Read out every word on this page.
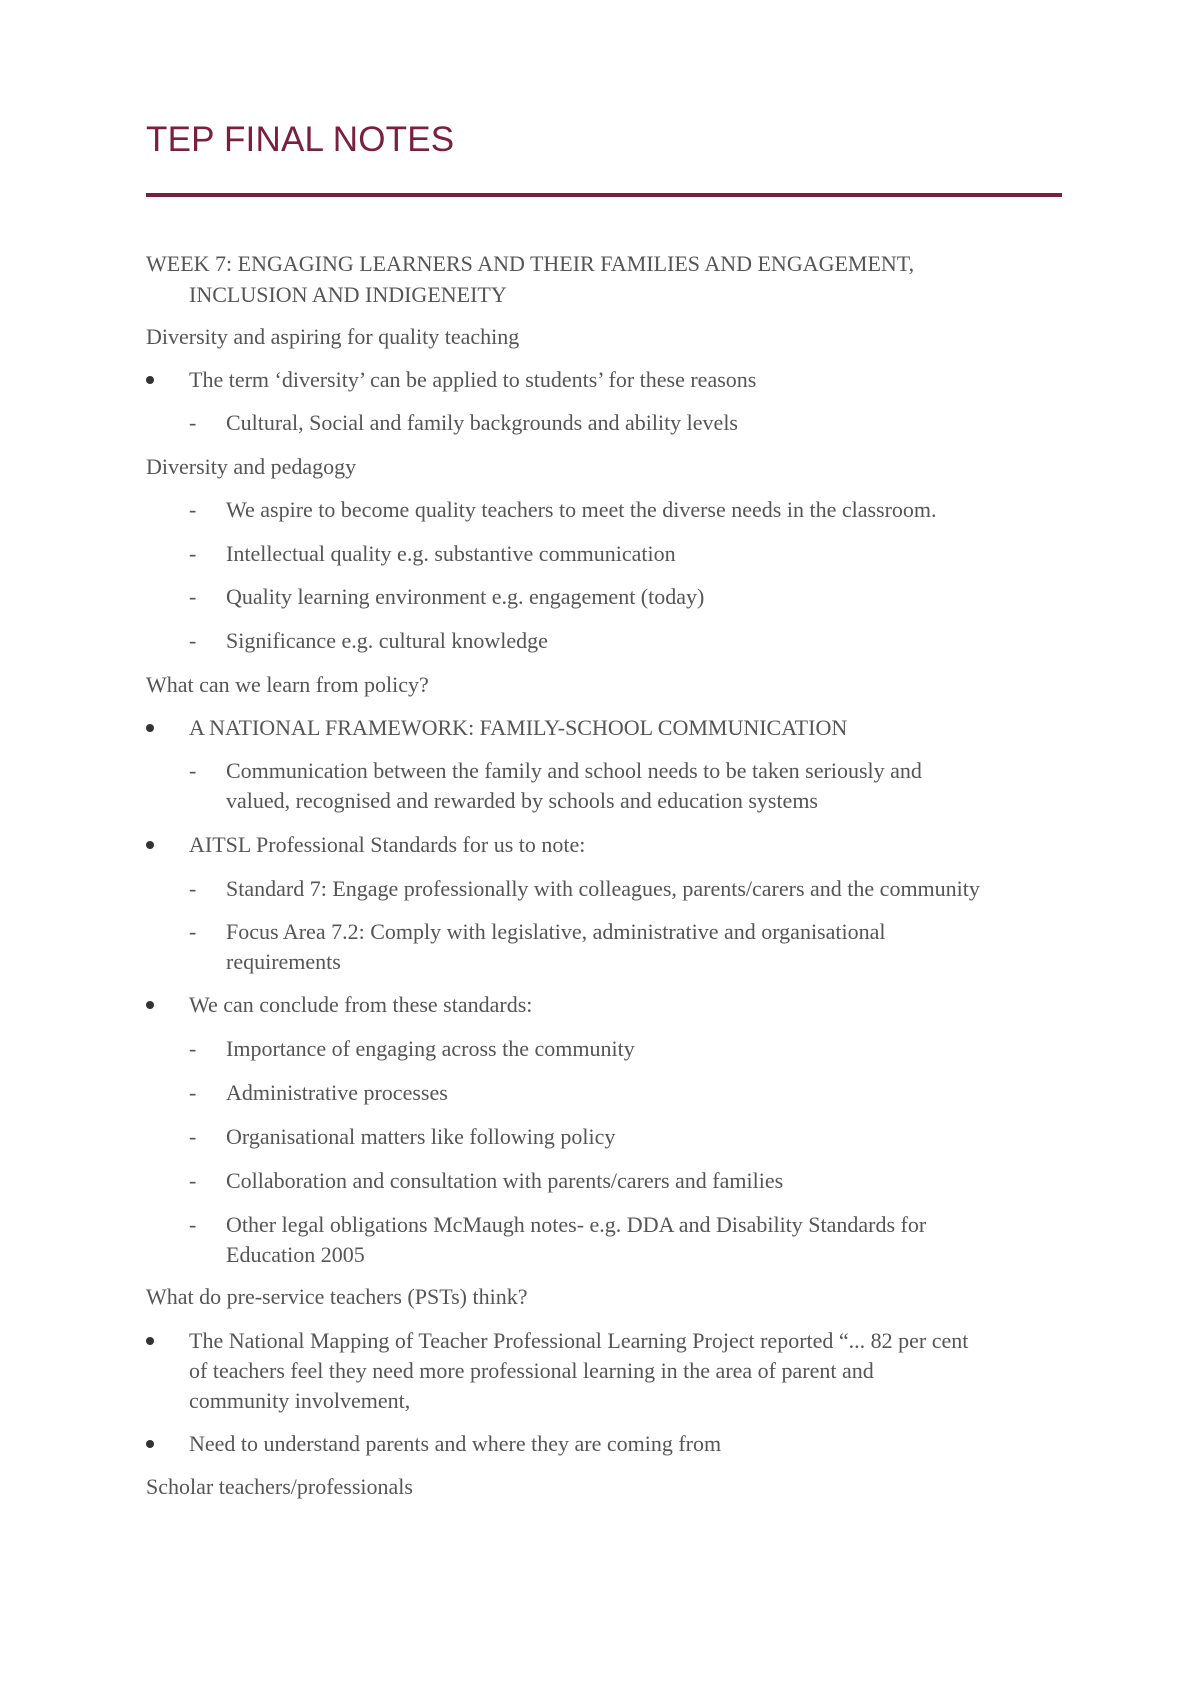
TEP FINAL NOTES
WEEK 7: ENGAGING LEARNERS AND THEIR FAMILIES AND ENGAGEMENT,
INCLUSION AND INDIGENEITY
Diversity and aspiring for quality teaching
The term ‘diversity’ can be applied to students’ for these reasons
- Cultural, Social and family backgrounds and ability levels
Diversity and pedagogy
- We aspire to become quality teachers to meet the diverse needs in the classroom.
- Intellectual quality e.g. substantive communication
- Quality learning environment e.g. engagement (today)
- Significance e.g. cultural knowledge
What can we learn from policy?
A NATIONAL FRAMEWORK: FAMILY-SCHOOL COMMUNICATION
- Communication between the family and school needs to be taken seriously and
valued, recognised and rewarded by schools and education systems
AITSL Professional Standards for us to note:
- Standard 7: Engage professionally with colleagues, parents/carers and the community
- Focus Area 7.2: Comply with legislative, administrative and organisational
requirements
We can conclude from these standards:
- Importance of engaging across the community
- Administrative processes
- Organisational matters like following policy
- Collaboration and consultation with parents/carers and families
- Other legal obligations McMaugh notes- e.g. DDA and Disability Standards for
Education 2005
What do pre-service teachers (PSTs) think?
The National Mapping of Teacher Professional Learning Project reported “... 82 per cent
of teachers feel they need more professional learning in the area of parent and
community involvement,
Need to understand parents and where they are coming from
Scholar teachers/professionals
